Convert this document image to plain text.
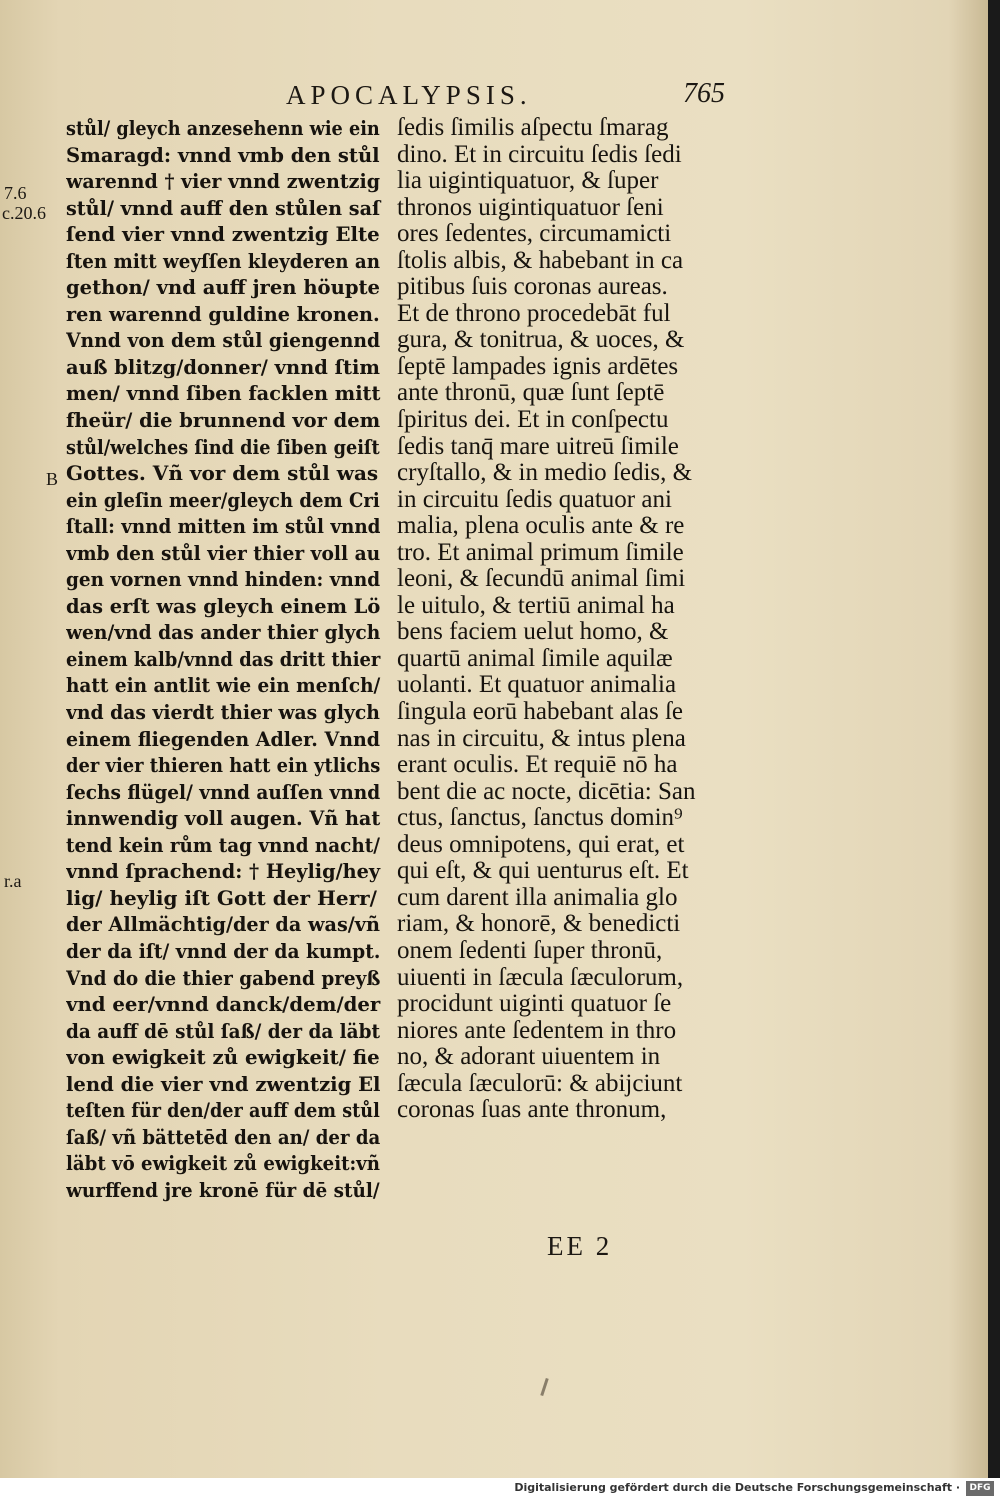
APOCALYPSIS.	765
7.6
c.20.6
B
r.a
stůl/ gleych anzesehenn wie ein
Smaragd: vnnd vmb den stůl
warennd † vier vnnd zwentzig
stůl/ vnnd auff den stůlen saſ
ſend vier vnnd zwentzig Elte
ſten mitt weyſſen kleyderen an
gethon/ vnd auff jren höupte
ren warennd guldine kronen.
Vnnd von dem stůl giengennd
auß blitzg/donner/ vnnd ſtim
men/ vnnd ſiben facklen mitt
fheür/ die brunnend vor dem
stůl/welches ſind die ſiben geiſt
Gottes. Vñ vor dem stůl was
ein gleſin meer/gleych dem Cri
ſtall: vnnd mitten im stůl vnnd
vmb den stůl vier thier voll au
gen vornen vnnd hinden: vnnd
das erſt was gleych einem Lö
wen/vnd das ander thier glych
einem kalb/vnnd das dritt thier
hatt ein antlit wie ein menſch/
vnd das vierdt thier was glych
einem fliegenden Adler. Vnnd
der vier thieren hatt ein ytlichs
ſechs flügel/ vnnd auſſen vnnd
innwendig voll augen. Vñ hat
tend kein rům tag vnnd nacht/
vnnd ſprachend: † Heylig/hey
lig/ heylig iſt Gott der Herr/
der Allmächtig/der da was/vñ
der da iſt/ vnnd der da kumpt.
Vnd do die thier gabend preyß
vnd eer/vnnd danck/dem/der
da auff dē stůl ſaß/ der da läbt
von ewigkeit zů ewigkeit/ fie
lend die vier vnd zwentzig El
teſten für den/der auff dem stůl
ſaß/ vñ bättetēd den an/ der da
läbt vō ewigkeit zů ewigkeit:vñ
wurffend jre kronē für dē stůl/
ſedis ſimilis aſpectu ſmarag
dino. Et in circuitu ſedis ſedi
lia uigintiquatuor, & ſuper
thronos uigintiquatuor ſeni
ores ſedentes, circumamicti
ſtolis albis, & habebant in ca
pitibus ſuis coronas aureas.
Et de throno procedebāt ful
gura, & tonitrua, & uoces, &
ſeptē lampades ignis ardētes
ante thronū, quæ ſunt ſeptē
ſpiritus dei. Et in conſpectu
ſedis tanq̄ mare uitreū ſimile
cryſtallo, & in medio ſedis, &
in circuitu ſedis quatuor ani
malia, plena oculis ante & re
tro. Et animal primum ſimile
leoni, & ſecundū animal ſimi
le uitulo, & tertiū animal ha
bens faciem uelut homo, &
quartū animal ſimile aquilæ
uolanti. Et quatuor animalia
ſingula eorū habebant alas ſe
nas in circuitu, & intus plena
erant oculis. Et requiē nō ha
bent die ac nocte, dicētia: San
ctus, ſanctus, ſanctus domin⁹
deus omnipotens, qui erat, et
qui eſt, & qui uenturus eſt. Et
cum darent illa animalia glo
riam, & honorē, & benedicti
onem ſedenti ſuper thronū,
uiuenti in ſæcula ſæculorum,
procidunt uiginti quatuor ſe
niores ante ſedentem in thro
no, & adorant uiuentem in
ſæcula ſæculorū: & abijciunt
coronas ſuas ante thronum,
EE 2
Digitalisierung gefördert durch die Deutsche Forschungsgemeinschaft ·	DFG
